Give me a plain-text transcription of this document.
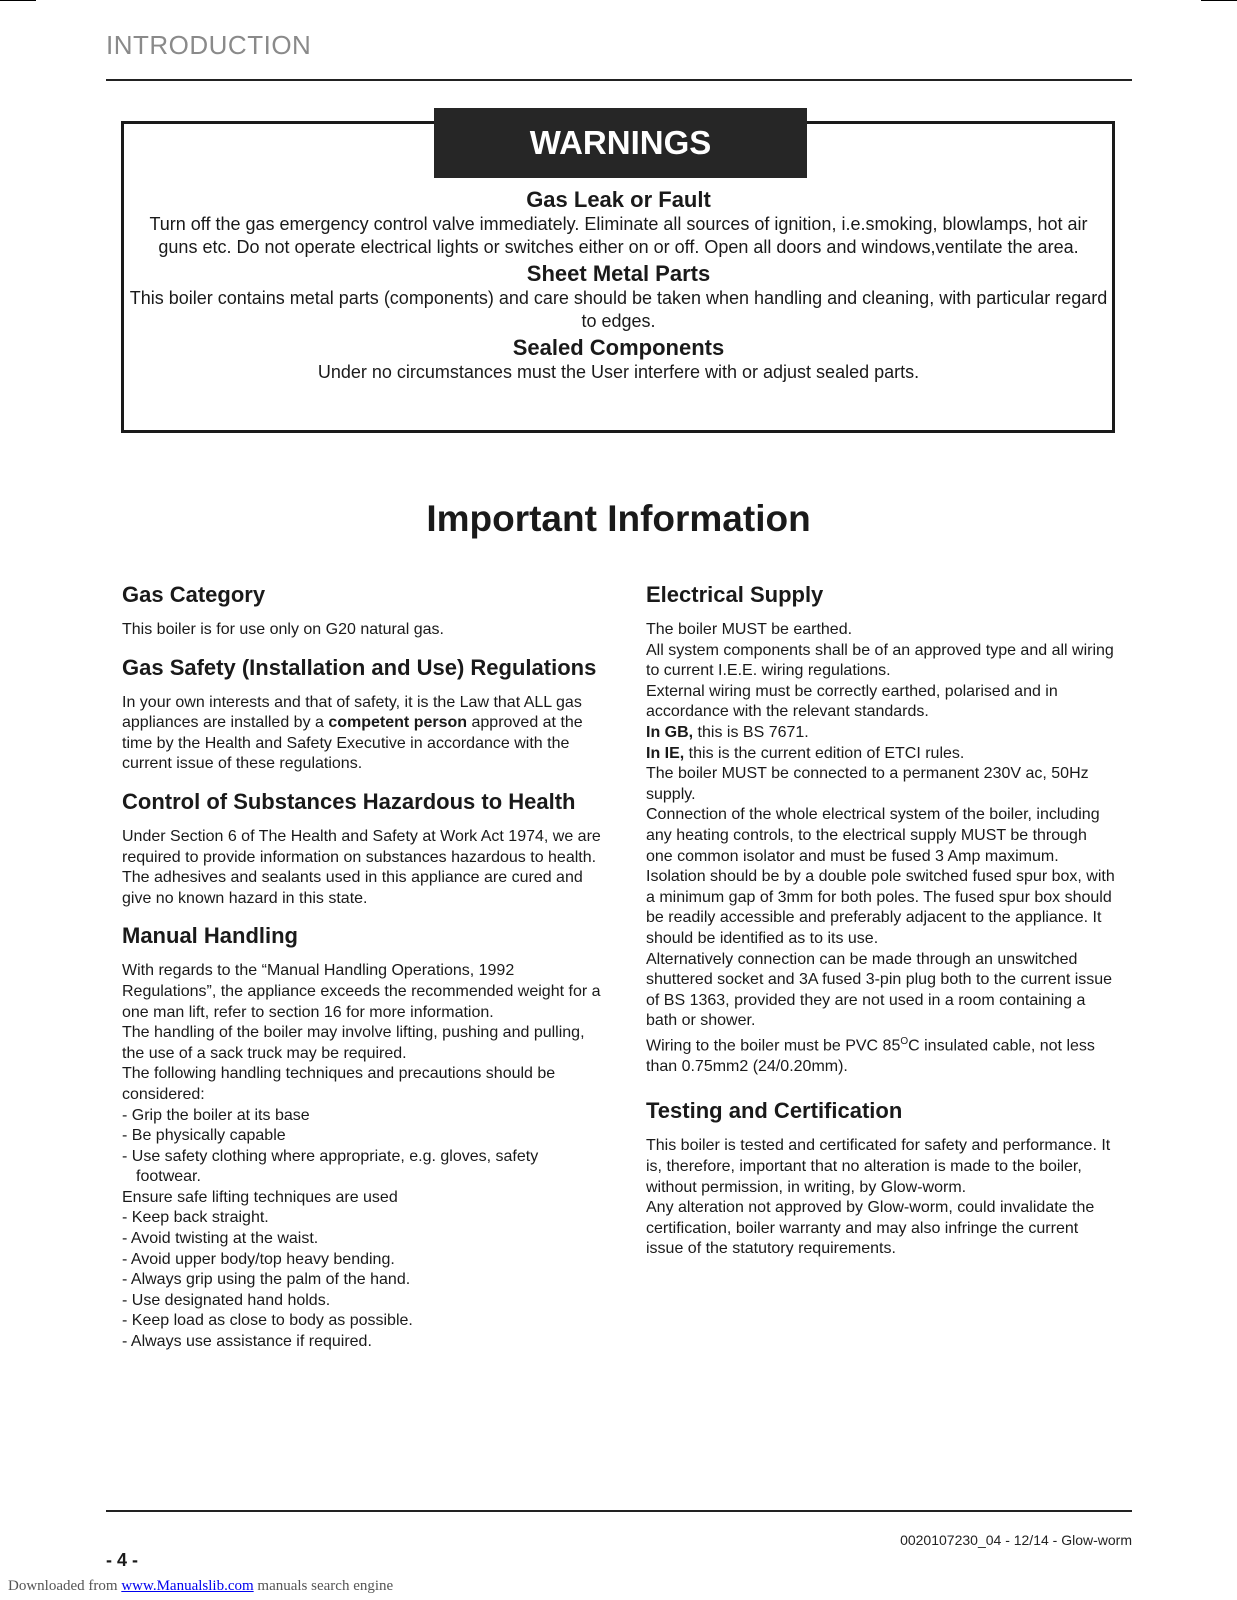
INTRODUCTION
WARNINGS
Gas Leak or Fault

Turn off the gas emergency control valve immediately. Eliminate all sources of ignition, i.e.smoking, blowlamps, hot air guns etc. Do not operate electrical lights or switches either on or off. Open all doors and windows,ventilate the area.

Sheet Metal Parts

This boiler contains metal parts (components) and care should be taken when handling and cleaning, with particular regard to edges.

Sealed Components

Under no circumstances must the User interfere with or adjust sealed parts.

Important Information
Gas Category

This boiler is for use only on G20 natural gas.

Gas Safety (Installation and Use) Regulations

In your own interests and that of safety, it is the Law that ALL gas appliances are installed by a competent person approved at the time by the Health and Safety Executive in accordance with the current issue of these regulations.

Control of Substances Hazardous to Health

Under Section 6 of The Health and Safety at Work Act 1974, we are required to provide information on substances hazardous to health.

The adhesives and sealants used in this appliance are cured and give no known hazard in this state.

Manual Handling

With regards to the “Manual Handling Operations, 1992 Regulations”, the appliance exceeds the recommended weight for a one man lift, refer to section 16 for more information.

The handling of the boiler may involve lifting, pushing and pulling, the use of a sack truck may be required.

The following handling techniques and precautions should be considered:

- Grip the boiler at its base

- Be physically capable

- Use safety clothing where appropriate, e.g. gloves, safety

footwear.

Ensure safe lifting techniques are used

- Keep back straight.

- Avoid twisting at the waist.

- Avoid upper body/top heavy bending.

- Always grip using the palm of the hand.

- Use designated hand holds.

- Keep load as close to body as possible.

- Always use assistance if required.

Electrical Supply

The boiler MUST be earthed.

All system components shall be of an approved type and all wiring to current I.E.E. wiring regulations.

External wiring must be correctly earthed, polarised and in accordance with the relevant standards.

In GB, this is BS 7671.

In IE, this is the current edition of ETCI rules.

The boiler MUST be connected to a permanent 230V ac, 50Hz supply.

Connection of the whole electrical system of the boiler, including any heating controls, to the electrical supply MUST be through one common isolator and must be fused 3 Amp maximum.

Isolation should be by a double pole switched fused spur box, with a minimum gap of 3mm for both poles. The fused spur box should be readily accessible and preferably adjacent to the appliance. It should be identified as to its use.

Alternatively connection can be made through an unswitched shuttered socket and 3A fused 3-pin plug both to the current issue of BS 1363, provided they are not used in a room containing a bath or shower.

Wiring to the boiler must be PVC $85^OC$ insulated cable, not less than 0.75mm2 (24/0.20mm).

Testing and Certification

This boiler is tested and certificated for safety and performance. It is, therefore, important that no alteration is made to the boiler, without permission, in writing, by Glow-worm.

Any alteration not approved by Glow-worm, could invalidate the certification, boiler warranty and may also infringe the current issue of the statutory requirements.

0020107230_04 - 12/14 - Glow-worm
- 4 -
Downloaded from www.Manualslib.com manuals search engine
